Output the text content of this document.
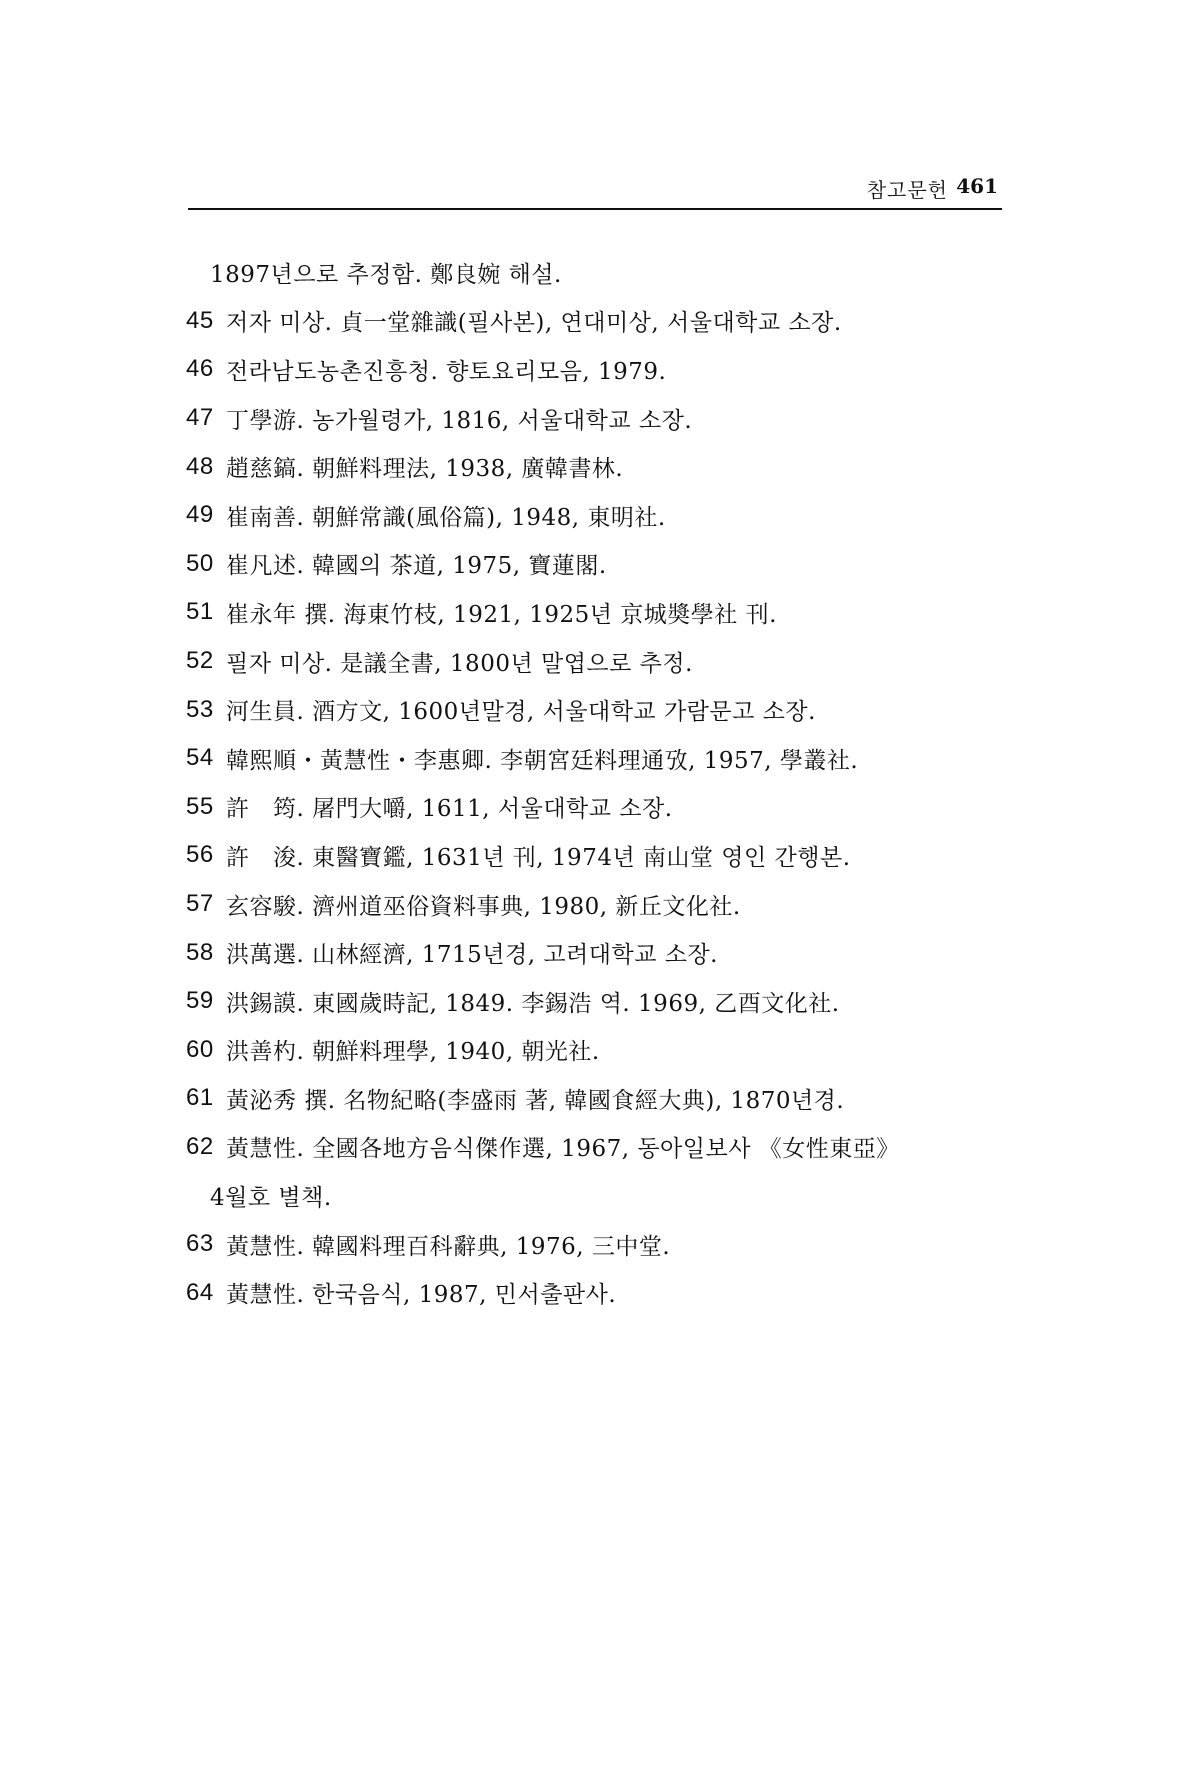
참고문헌 461
1897년으로 추정함. 鄭良婉 해설.
45 저자 미상. 貞一堂雜識(필사본), 연대미상, 서울대학교 소장.
46 전라남도농촌진흥청. 향토요리모음, 1979.
47 丁學游. 농가월령가, 1816, 서울대학교 소장.
48 趙慈鎬. 朝鮮料理法, 1938, 廣韓書林.
49 崔南善. 朝鮮常識(風俗篇), 1948, 東明社.
50 崔凡述. 韓國의 茶道, 1975, 寶蓮閣.
51 崔永年 撰. 海東竹枝, 1921, 1925년 京城奬學社 刊.
52 필자 미상. 是議全書, 1800년 말엽으로 추정.
53 河生員. 酒方文, 1600년말경, 서울대학교 가람문고 소장.
54 韓熙順・黃慧性・李惠卿. 李朝宮廷料理通攷, 1957, 學叢社.
55 許　筠. 屠門大嚼, 1611, 서울대학교 소장.
56 許　浚. 東醫寶鑑, 1631년 刊, 1974년 南山堂 영인 간행본.
57 玄容駿. 濟州道巫俗資料事典, 1980, 新丘文化社.
58 洪萬選. 山林經濟, 1715년경, 고려대학교 소장.
59 洪錫謨. 東國歲時記, 1849. 李錫浩 역. 1969, 乙酉文化社.
60 洪善杓. 朝鮮料理學, 1940, 朝光社.
61 黃泌秀 撰. 名物紀略(李盛雨 著, 韓國食經大典), 1870년경.
62 黃慧性. 全國各地方음식傑作選, 1967, 동아일보사 《女性東亞》
4월호 별책.
63 黃慧性. 韓國料理百科辭典, 1976, 三中堂.
64 黃慧性. 한국음식, 1987, 민서출판사.
